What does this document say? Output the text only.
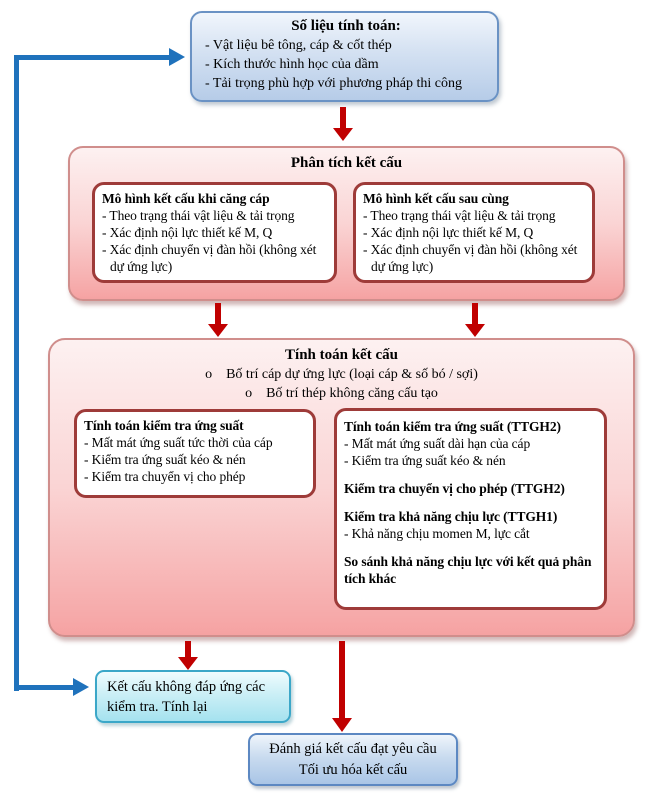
Số liệu tính toán:
- Vật liệu bê tông, cáp & cốt thép
- Kích thước hình học của dầm
- Tải trọng phù hợp với phương pháp thi công
Phân tích kết cấu
Mô hình kết cấu khi căng cáp
- Theo trạng thái vật liệu & tải trọng
- Xác định nội lực thiết kế M, Q
- Xác định chuyển vị đàn hồi (không xét dự ứng lực)
Mô hình kết cấu sau cùng
- Theo trạng thái vật liệu & tải trọng
- Xác định nội lực thiết kế M, Q
- Xác định chuyển vị đàn hồi (không xét dự ứng lực)
Tính toán kết cấu
o Bố trí cáp dự ứng lực (loại cáp & số bó / sợi)
o Bố trí thép không căng cấu tạo
Tính toán kiểm tra ứng suất
- Mất mát ứng suất tức thời của cáp
- Kiểm tra ứng suất kéo & nén
- Kiểm tra chuyển vị cho phép
Tính toán kiểm tra ứng suất (TTGH2)
- Mất mát ứng suất dài hạn của cáp
- Kiểm tra ứng suất kéo & nén
Kiểm tra chuyển vị cho phép (TTGH2)
Kiểm tra khả năng chịu lực (TTGH1)
- Khả năng chịu momen M, lực cắt
So sánh khả năng chịu lực với kết quả phân tích khác
Kết cấu không đáp ứng các kiểm tra. Tính lại
Đánh giá kết cấu đạt yêu cầu
Tối ưu hóa kết cấu
